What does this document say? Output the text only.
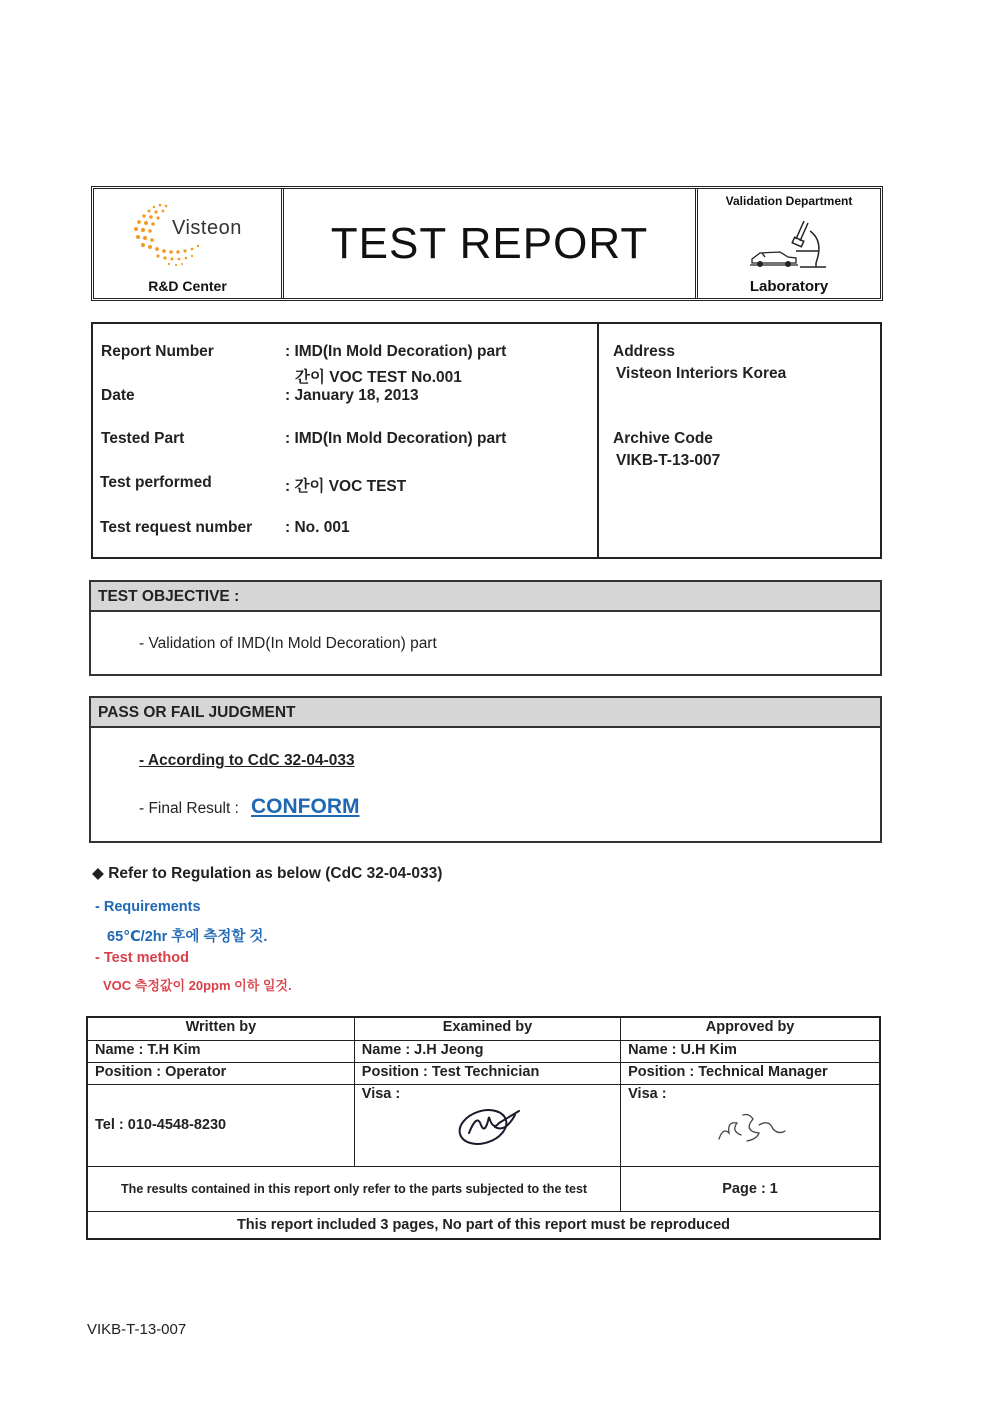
Visteon
R&D Center
TEST REPORT
Validation Department
Laboratory
Report Number	: IMD(In Mold Decoration) part
간이 VOC TEST No.001
Date	: January 18, 2013
Tested Part	: IMD(In Mold Decoration) part
Test performed	: 간이 VOC TEST
Test request number : No. 001
Address
Visteon Interiors Korea
Archive Code
VIKB-T-13-007
TEST OBJECTIVE :
- Validation of IMD(In Mold Decoration) part
PASS OR FAIL JUDGMENT
- According to CdC 32-04-033
- Final Result : CONFORM
◆ Refer to Regulation as below (CdC 32-04-033)
- Requirements
65℃/2hr 후에 측정할 것.
- Test method
VOC 측정값이 20ppm 이하 일것.
Written by	Examined by	Approved by
Name : T.H Kim	Name : J.H Jeong	Name : U.H Kim
Position : Operator	Position : Test Technician	Position : Technical Manager
Tel : 010-4548-8230	Visa :	Visa :

The results contained in this report only refer to the parts subjected to the test		Page : 1
This report included 3 pages, No part of this report must be reproduced		
VIKB-T-13-007
